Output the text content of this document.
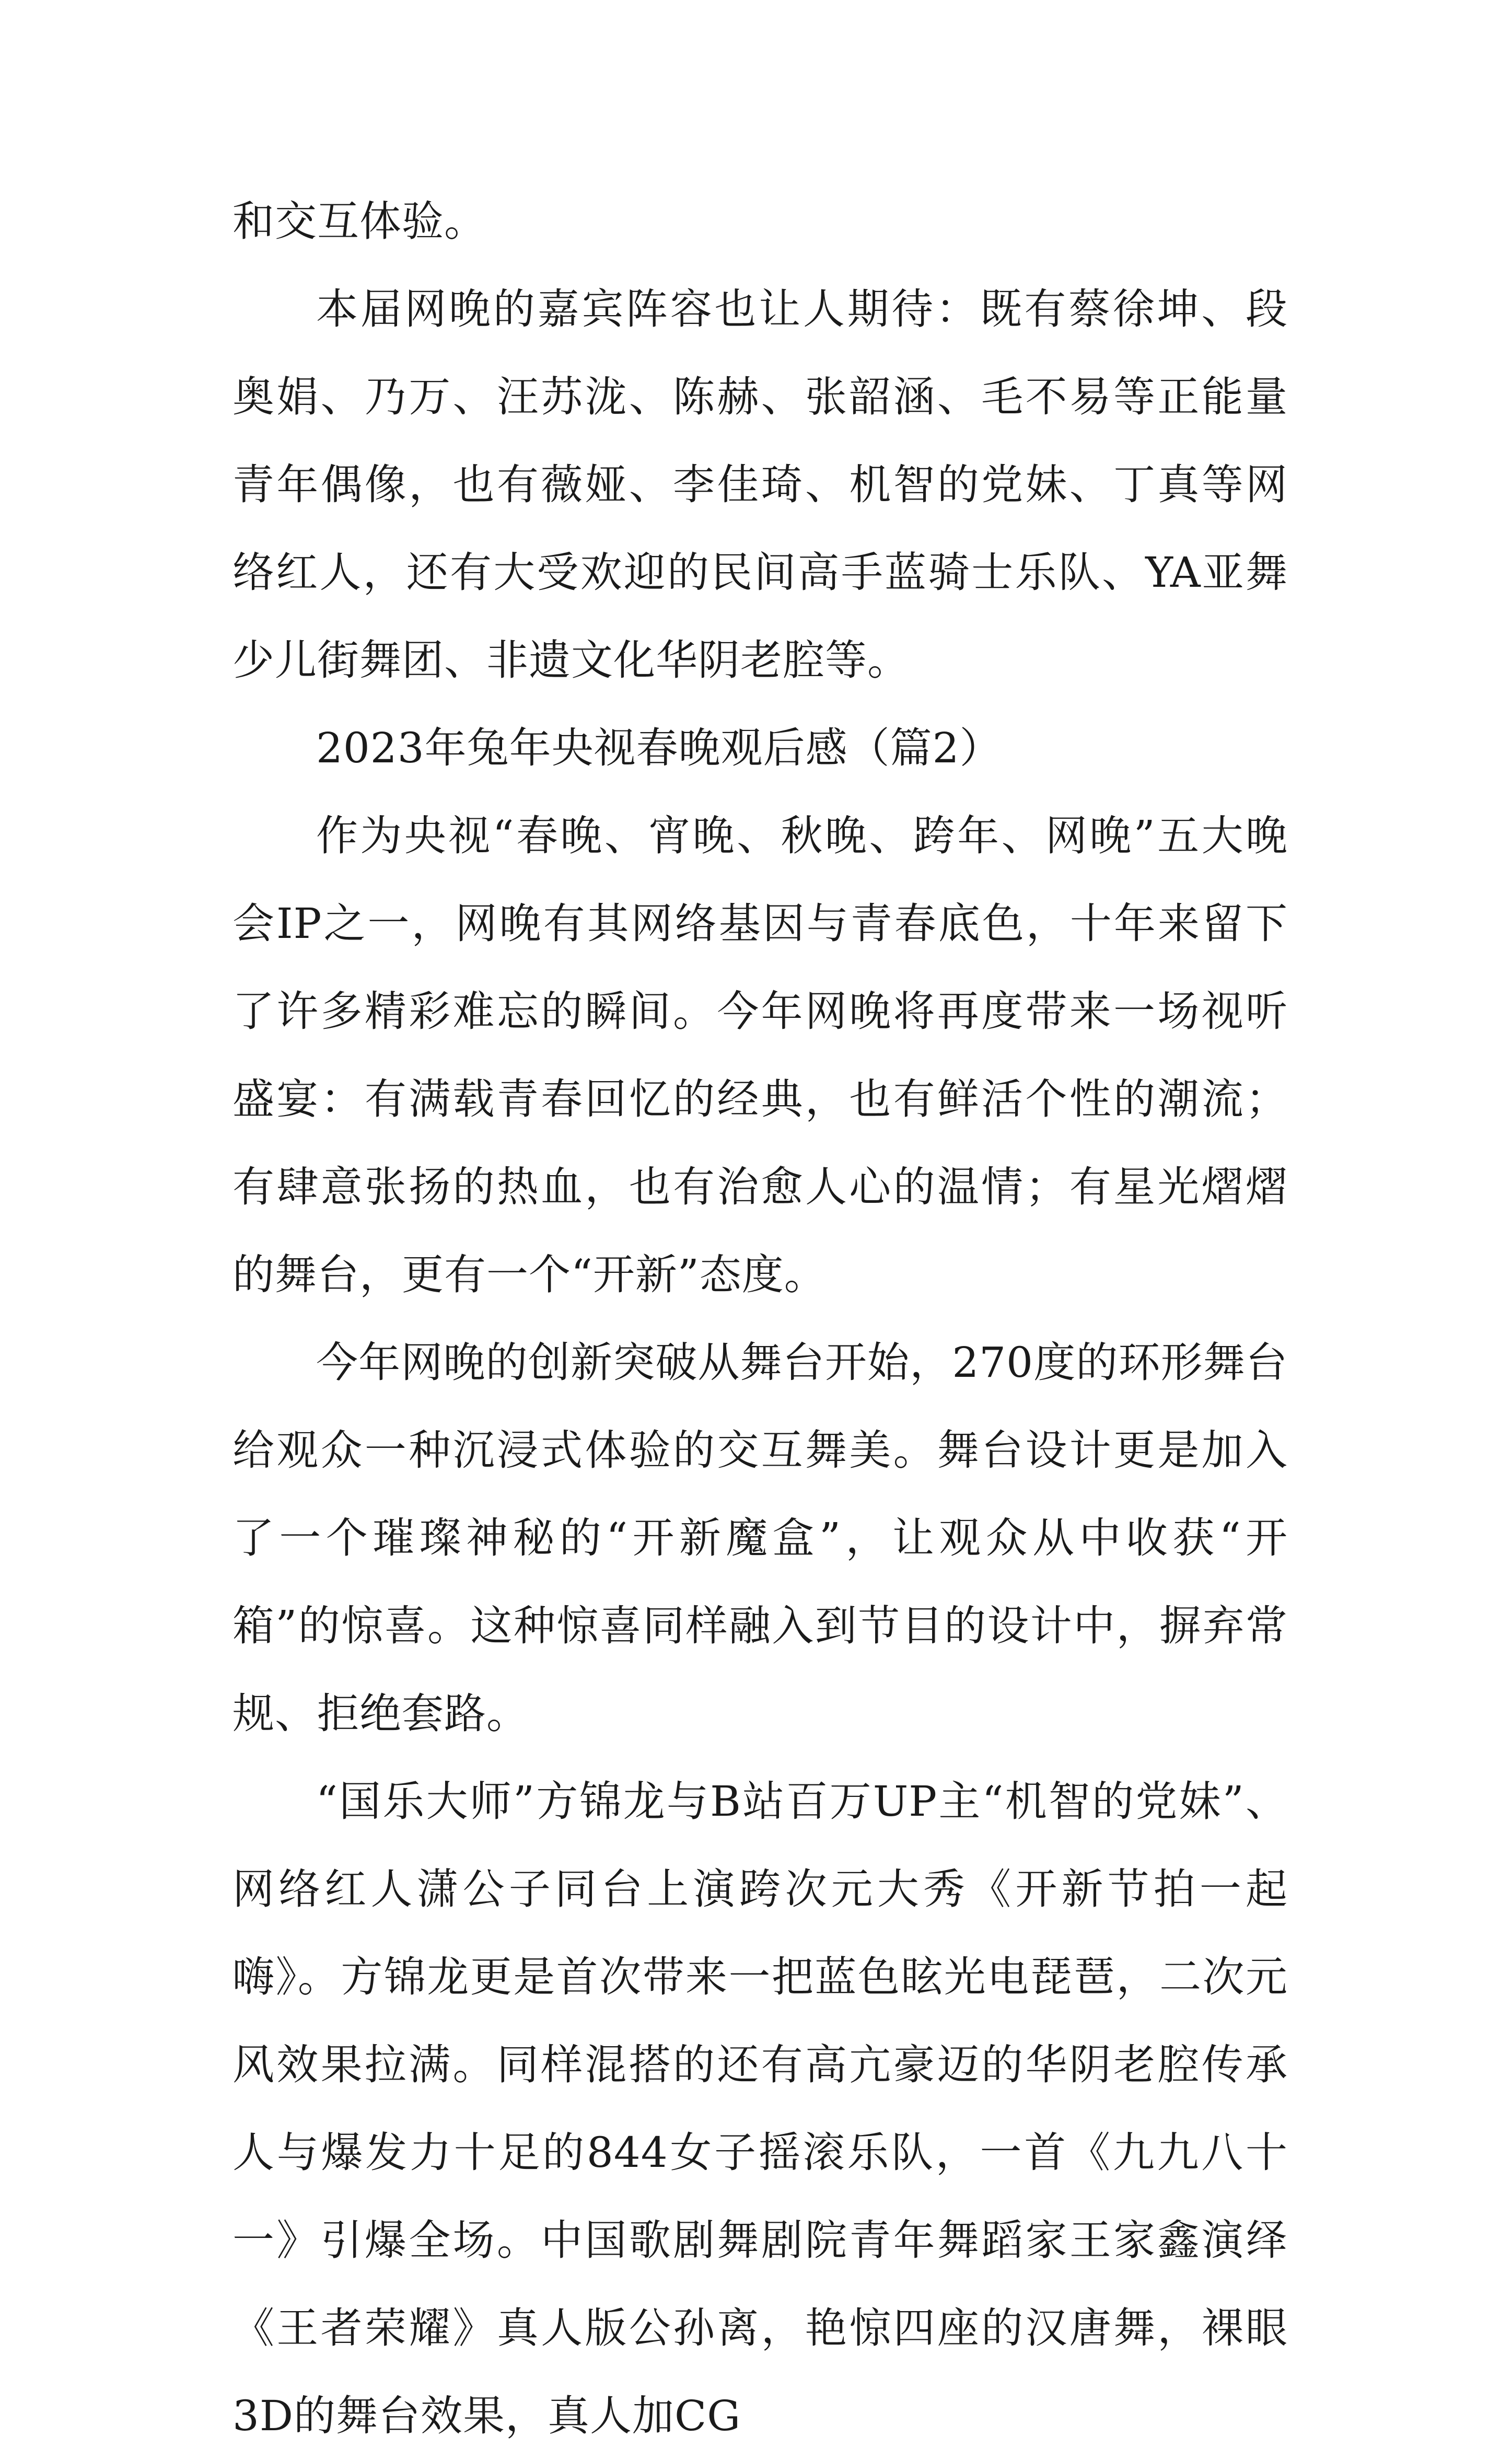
和交互体验。

本届网晚的嘉宾阵容也让人期待：既有蔡徐坤、段奥娟、乃万、汪苏泷、陈赫、张韶涵、毛不易等正能量青年偶像，也有薇娅、李佳琦、机智的党妹、丁真等网络红人，还有大受欢迎的民间高手蓝骑士乐队、YA亚舞少儿街舞团、非遗文化华阴老腔等。

2023年兔年央视春晚观后感（篇2）

作为央视“春晚、宵晚、秋晚、跨年、网晚”五大晚会IP之一，网晚有其网络基因与青春底色，十年来留下了许多精彩难忘的瞬间。今年网晚将再度带来一场视听盛宴：有满载青春回忆的经典，也有鲜活个性的潮流；有肆意张扬的热血，也有治愈人心的温情；有星光熠熠的舞台，更有一个“开新”态度。

今年网晚的创新突破从舞台开始，270度的环形舞台给观众一种沉浸式体验的交互舞美。舞台设计更是加入了一个璀璨神秘的“开新魔盒”，让观众从中收获“开箱”的惊喜。这种惊喜同样融入到节目的设计中，摒弃常规、拒绝套路。

“国乐大师”方锦龙与B站百万UP主“机智的党妹”、网络红人潇公子同台上演跨次元大秀《开新节拍一起嗨》。方锦龙更是首次带来一把蓝色眩光电琵琶，二次元风效果拉满。同样混搭的还有高亢豪迈的华阴老腔传承人与爆发力十足的844女子摇滚乐队，一首《九九八十一》引爆全场。中国歌剧舞剧院青年舞蹈家王家鑫演绎《王者荣耀》真人版公孙离，艳惊四座的汉唐舞，裸眼3D的舞台效果，真人加CG
